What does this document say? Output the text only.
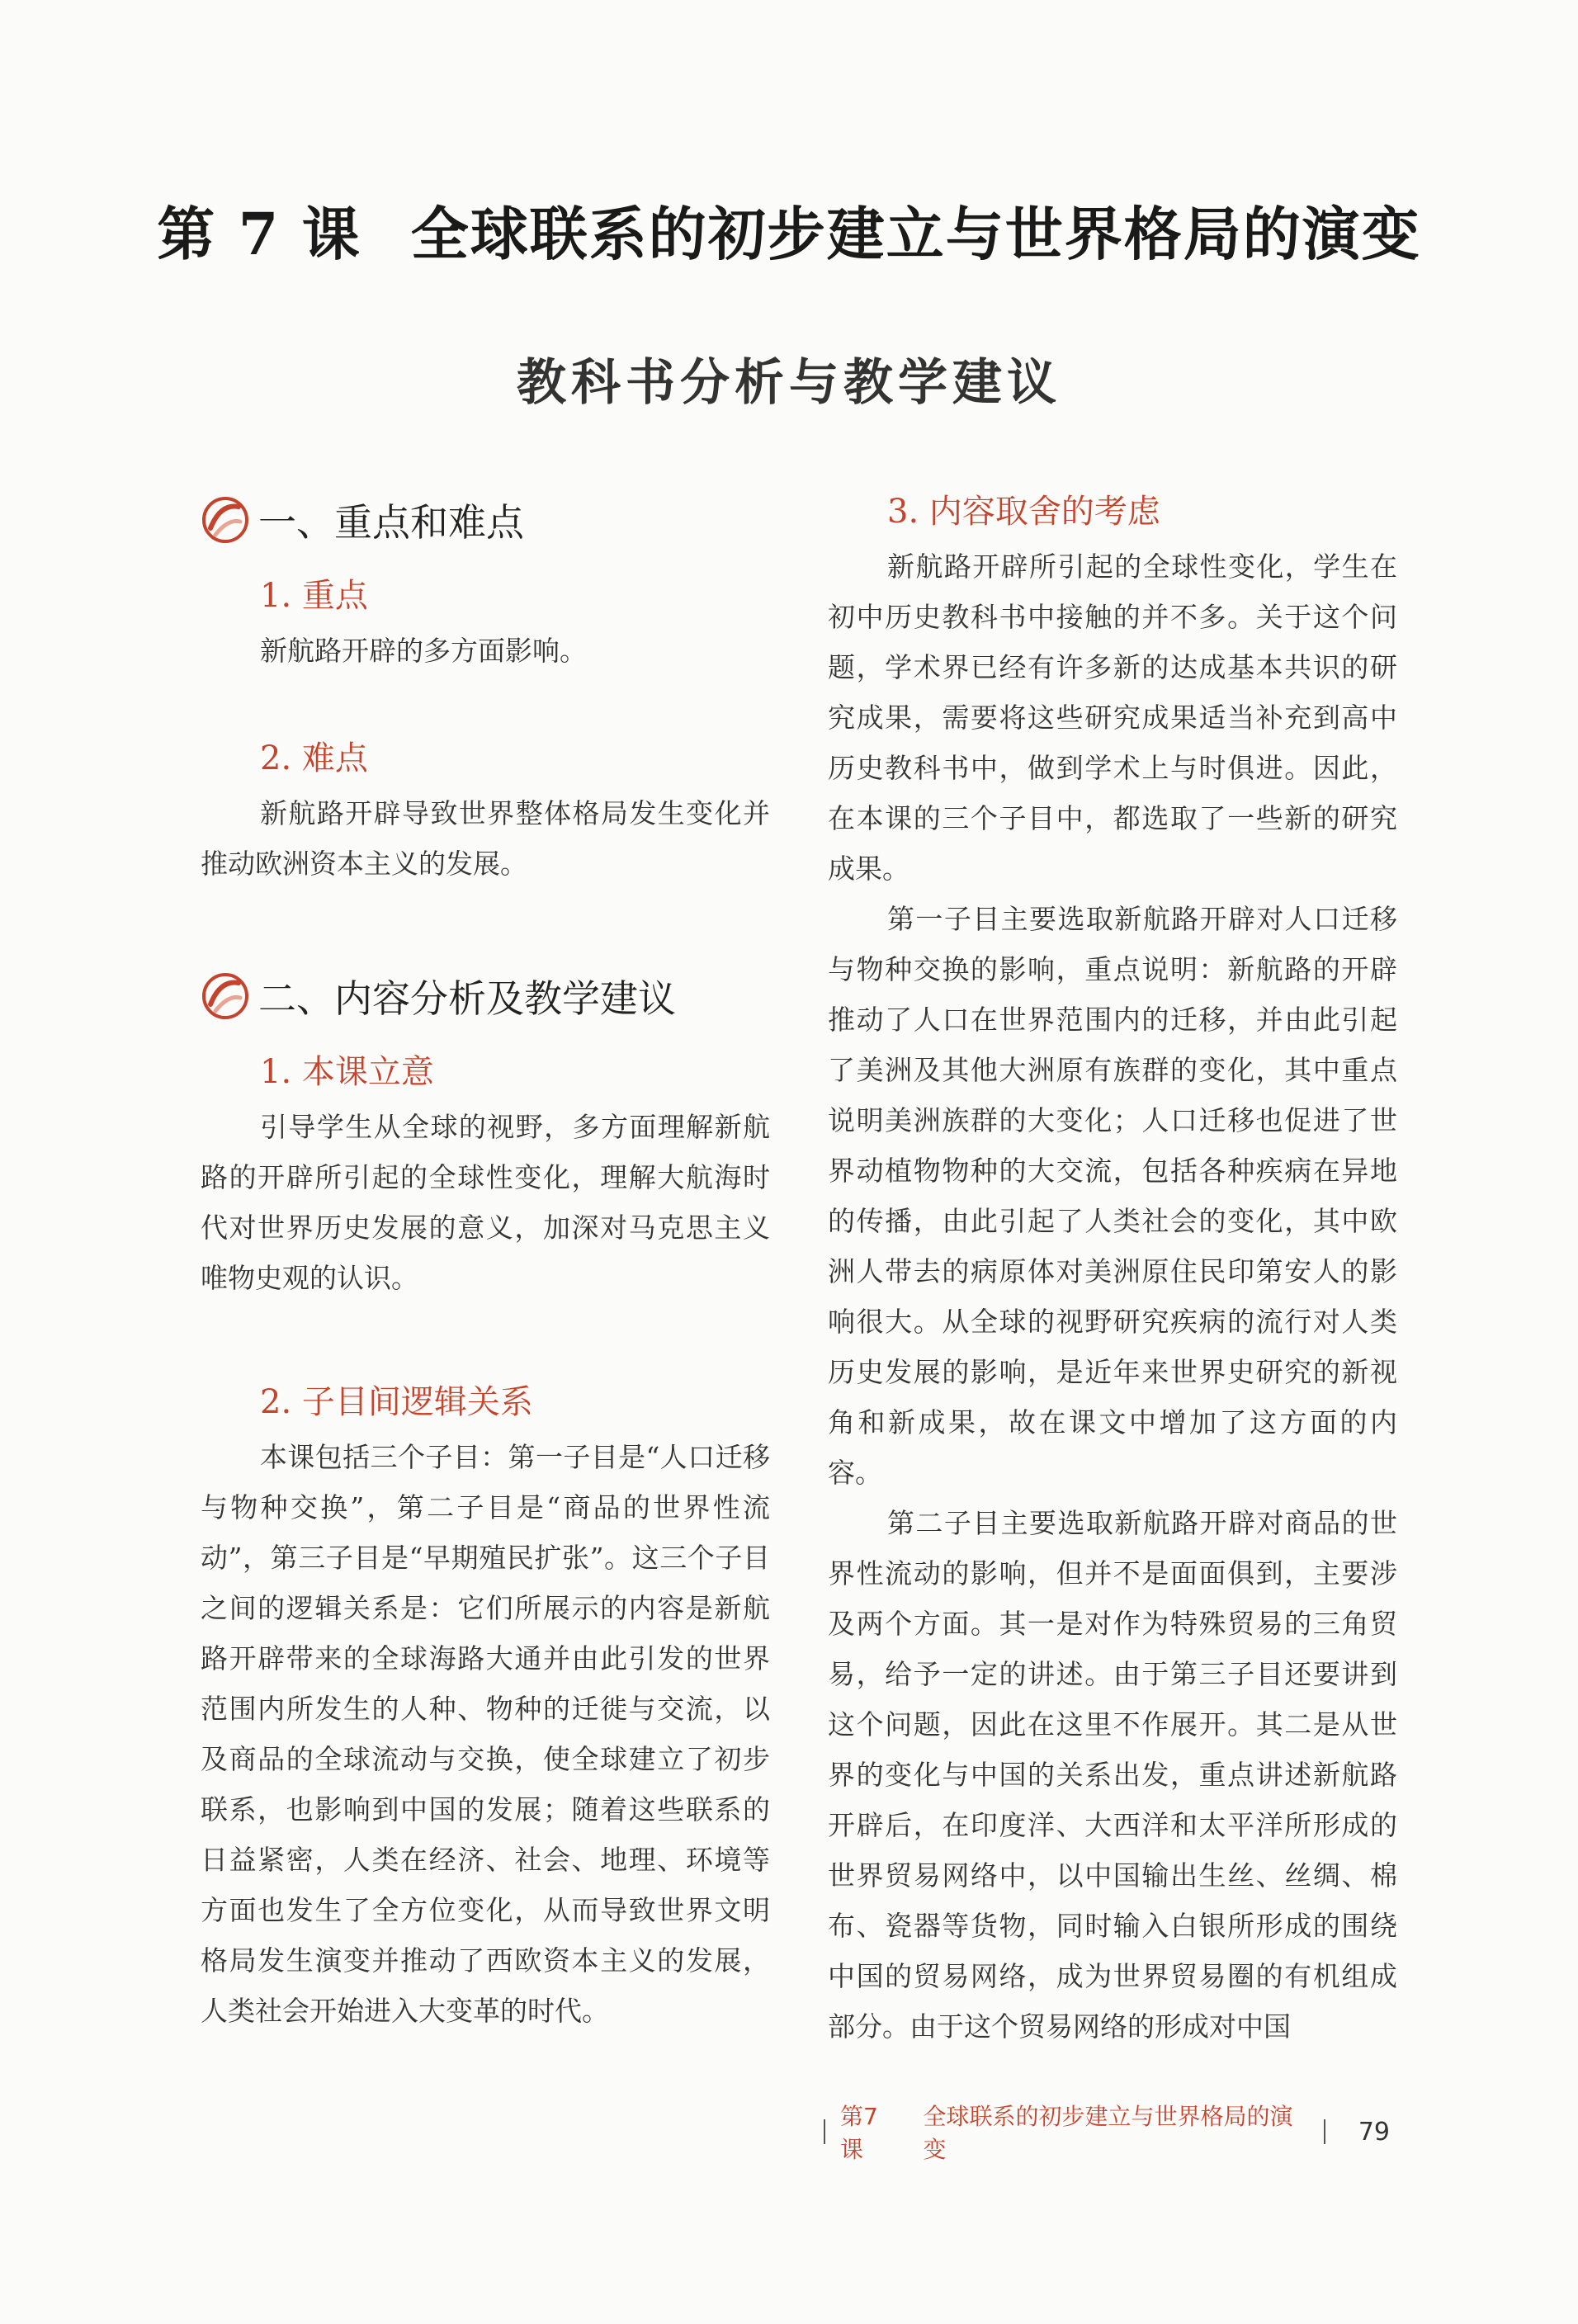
第 7 课 全球联系的初步建立与世界格局的演变
教科书分析与教学建议
一、重点和难点
1. 重点

新航路开辟的多方面影响。

2. 难点

新航路开辟导致世界整体格局发生变化并推动欧洲资本主义的发展。

二、内容分析及教学建议
1. 本课立意

引导学生从全球的视野，多方面理解新航路的开辟所引起的全球性变化，理解大航海时代对世界历史发展的意义，加深对马克思主义唯物史观的认识。

2. 子目间逻辑关系

本课包括三个子目：第一子目是“人口迁移与物种交换”，第二子目是“商品的世界性流动”，第三子目是“早期殖民扩张”。这三个子目之间的逻辑关系是：它们所展示的内容是新航路开辟带来的全球海路大通并由此引发的世界范围内所发生的人种、物种的迁徙与交流，以及商品的全球流动与交换，使全球建立了初步联系，也影响到中国的发展；随着这些联系的日益紧密，人类在经济、社会、地理、环境等方面也发生了全方位变化，从而导致世界文明格局发生演变并推动了西欧资本主义的发展，人类社会开始进入大变革的时代。

3. 内容取舍的考虑

新航路开辟所引起的全球性变化，学生在初中历史教科书中接触的并不多。关于这个问题，学术界已经有许多新的达成基本共识的研究成果，需要将这些研究成果适当补充到高中历史教科书中，做到学术上与时俱进。因此，在本课的三个子目中，都选取了一些新的研究成果。

第一子目主要选取新航路开辟对人口迁移与物种交换的影响，重点说明：新航路的开辟推动了人口在世界范围内的迁移，并由此引起了美洲及其他大洲原有族群的变化，其中重点说明美洲族群的大变化；人口迁移也促进了世界动植物物种的大交流，包括各种疾病在异地的传播，由此引起了人类社会的变化，其中欧洲人带去的病原体对美洲原住民印第安人的影响很大。从全球的视野研究疾病的流行对人类历史发展的影响，是近年来世界史研究的新视角和新成果，故在课文中增加了这方面的内容。

第二子目主要选取新航路开辟对商品的世界性流动的影响，但并不是面面俱到，主要涉及两个方面。其一是对作为特殊贸易的三角贸易，给予一定的讲述。由于第三子目还要讲到这个问题，因此在这里不作展开。其二是从世界的变化与中国的关系出发，重点讲述新航路开辟后，在印度洋、大西洋和太平洋所形成的世界贸易网络中，以中国输出生丝、丝绸、棉布、瓷器等货物，同时输入白银所形成的围绕中国的贸易网络，成为世界贸易圈的有机组成部分。由于这个贸易网络的形成对中国

第7课
全球联系的初步建立与世界格局的演变
79
